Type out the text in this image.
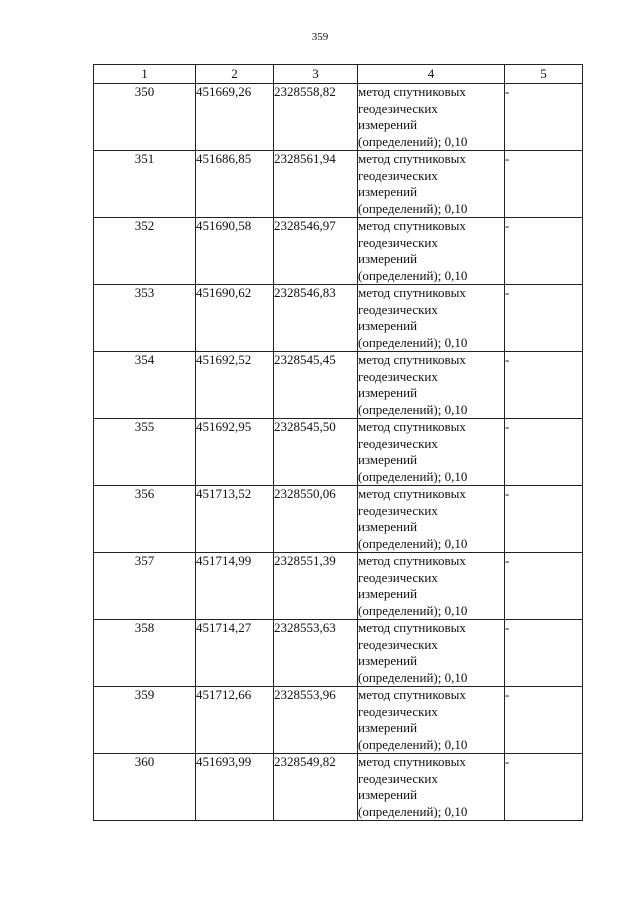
359
1	2	3	4	5
350	451669,26	2328558,82	метод спутниковых
геодезических
измерений
(определений); 0,10	-
351	451686,85	2328561,94	метод спутниковых
геодезических
измерений
(определений); 0,10	-
352	451690,58	2328546,97	метод спутниковых
геодезических
измерений
(определений); 0,10	-
353	451690,62	2328546,83	метод спутниковых
геодезических
измерений
(определений); 0,10	-
354	451692,52	2328545,45	метод спутниковых
геодезических
измерений
(определений); 0,10	-
355	451692,95	2328545,50	метод спутниковых
геодезических
измерений
(определений); 0,10	-
356	451713,52	2328550,06	метод спутниковых
геодезических
измерений
(определений); 0,10	-
357	451714,99	2328551,39	метод спутниковых
геодезических
измерений
(определений); 0,10	-
358	451714,27	2328553,63	метод спутниковых
геодезических
измерений
(определений); 0,10	-
359	451712,66	2328553,96	метод спутниковых
геодезических
измерений
(определений); 0,10	-
360	451693,99	2328549,82	метод спутниковых
геодезических
измерений
(определений); 0,10	-
